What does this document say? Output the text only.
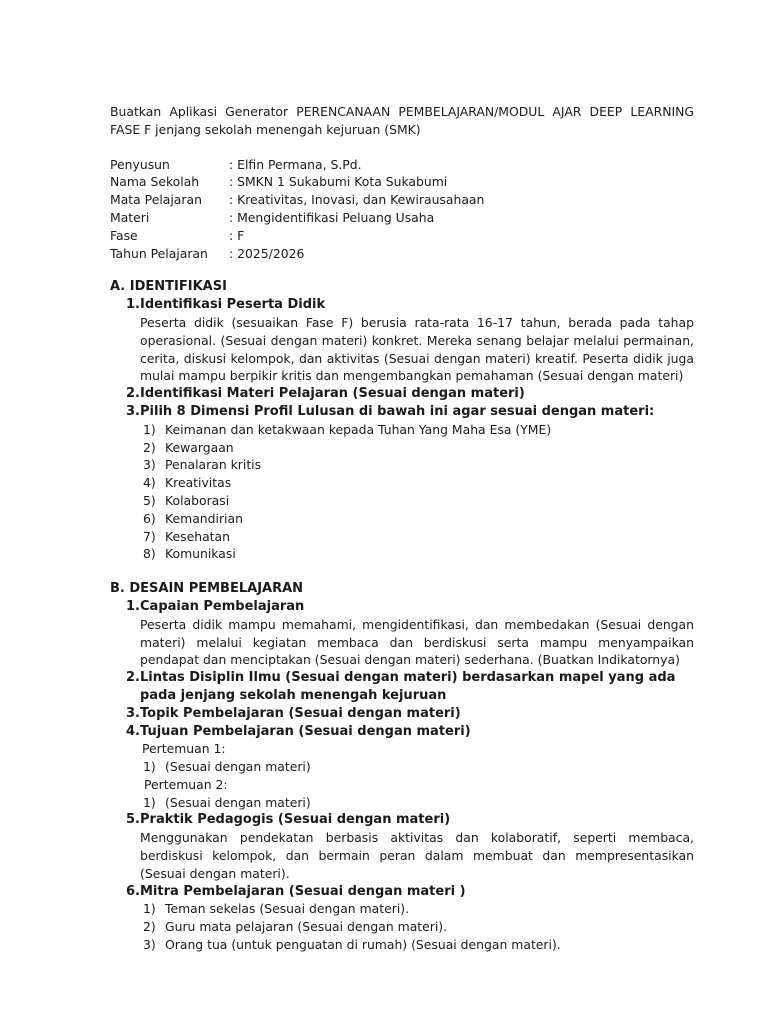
Buatkan Aplikasi Generator PERENCANAAN PEMBELAJARAN/MODUL AJAR DEEP LEARNING FASE F jenjang sekolah menengah kejuruan (SMK)

Penyusun	: Elfin Permana, S.Pd.
Nama Sekolah	: SMKN 1 Sukabumi Kota Sukabumi
Mata Pelajaran	: Kreativitas, Inovasi, dan Kewirausahaan
Materi	: Mengidentifikasi Peluang Usaha
Fase	: F
Tahun Pelajaran	: 2025/2026

A. IDENTIFIKASI

1. Identifikasi Peserta Didik

Peserta didik (sesuaikan Fase F) berusia rata-rata 16-17 tahun, berada pada tahap operasional. (Sesuai dengan materi) konkret. Mereka senang belajar melalui permainan, cerita, diskusi kelompok, dan aktivitas (Sesuai dengan materi) kreatif. Peserta didik juga mulai mampu berpikir kritis dan mengembangkan pemahaman (Sesuai dengan materi)

2. Identifikasi Materi Pelajaran (Sesuai dengan materi)
3. Pilih 8 Dimensi Profil Lulusan di bawah ini agar sesuai dengan materi:
1) Keimanan dan ketakwaan kepada Tuhan Yang Maha Esa (YME)
2) Kewargaan
3) Penalaran kritis
4) Kreativitas
5) Kolaborasi
6) Kemandirian
7) Kesehatan
8) Komunikasi

B. DESAIN PEMBELAJARAN

1. Capaian Pembelajaran

Peserta didik mampu memahami, mengidentifikasi, dan membedakan (Sesuai dengan materi) melalui kegiatan membaca dan berdiskusi serta mampu menyampaikan pendapat dan menciptakan (Sesuai dengan materi) sederhana. (Buatkan Indikatornya)

2. Lintas Disiplin Ilmu (Sesuai dengan materi) berdasarkan mapel yang ada pada jenjang sekolah menengah kejuruan
3. Topik Pembelajaran (Sesuai dengan materi)
4. Tujuan Pembelajaran (Sesuai dengan materi)

Pertemuan 1:

1) (Sesuai dengan materi)

Pertemuan 2:

1) (Sesuai dengan materi)
5. Praktik Pedagogis (Sesuai dengan materi)

Menggunakan pendekatan berbasis aktivitas dan kolaboratif, seperti membaca, berdiskusi kelompok, dan bermain peran dalam membuat dan mempresentasikan (Sesuai dengan materi).

6. Mitra Pembelajaran (Sesuai dengan materi )
1) Teman sekelas (Sesuai dengan materi).
2) Guru mata pelajaran (Sesuai dengan materi).
3) Orang tua (untuk penguatan di rumah) (Sesuai dengan materi).
